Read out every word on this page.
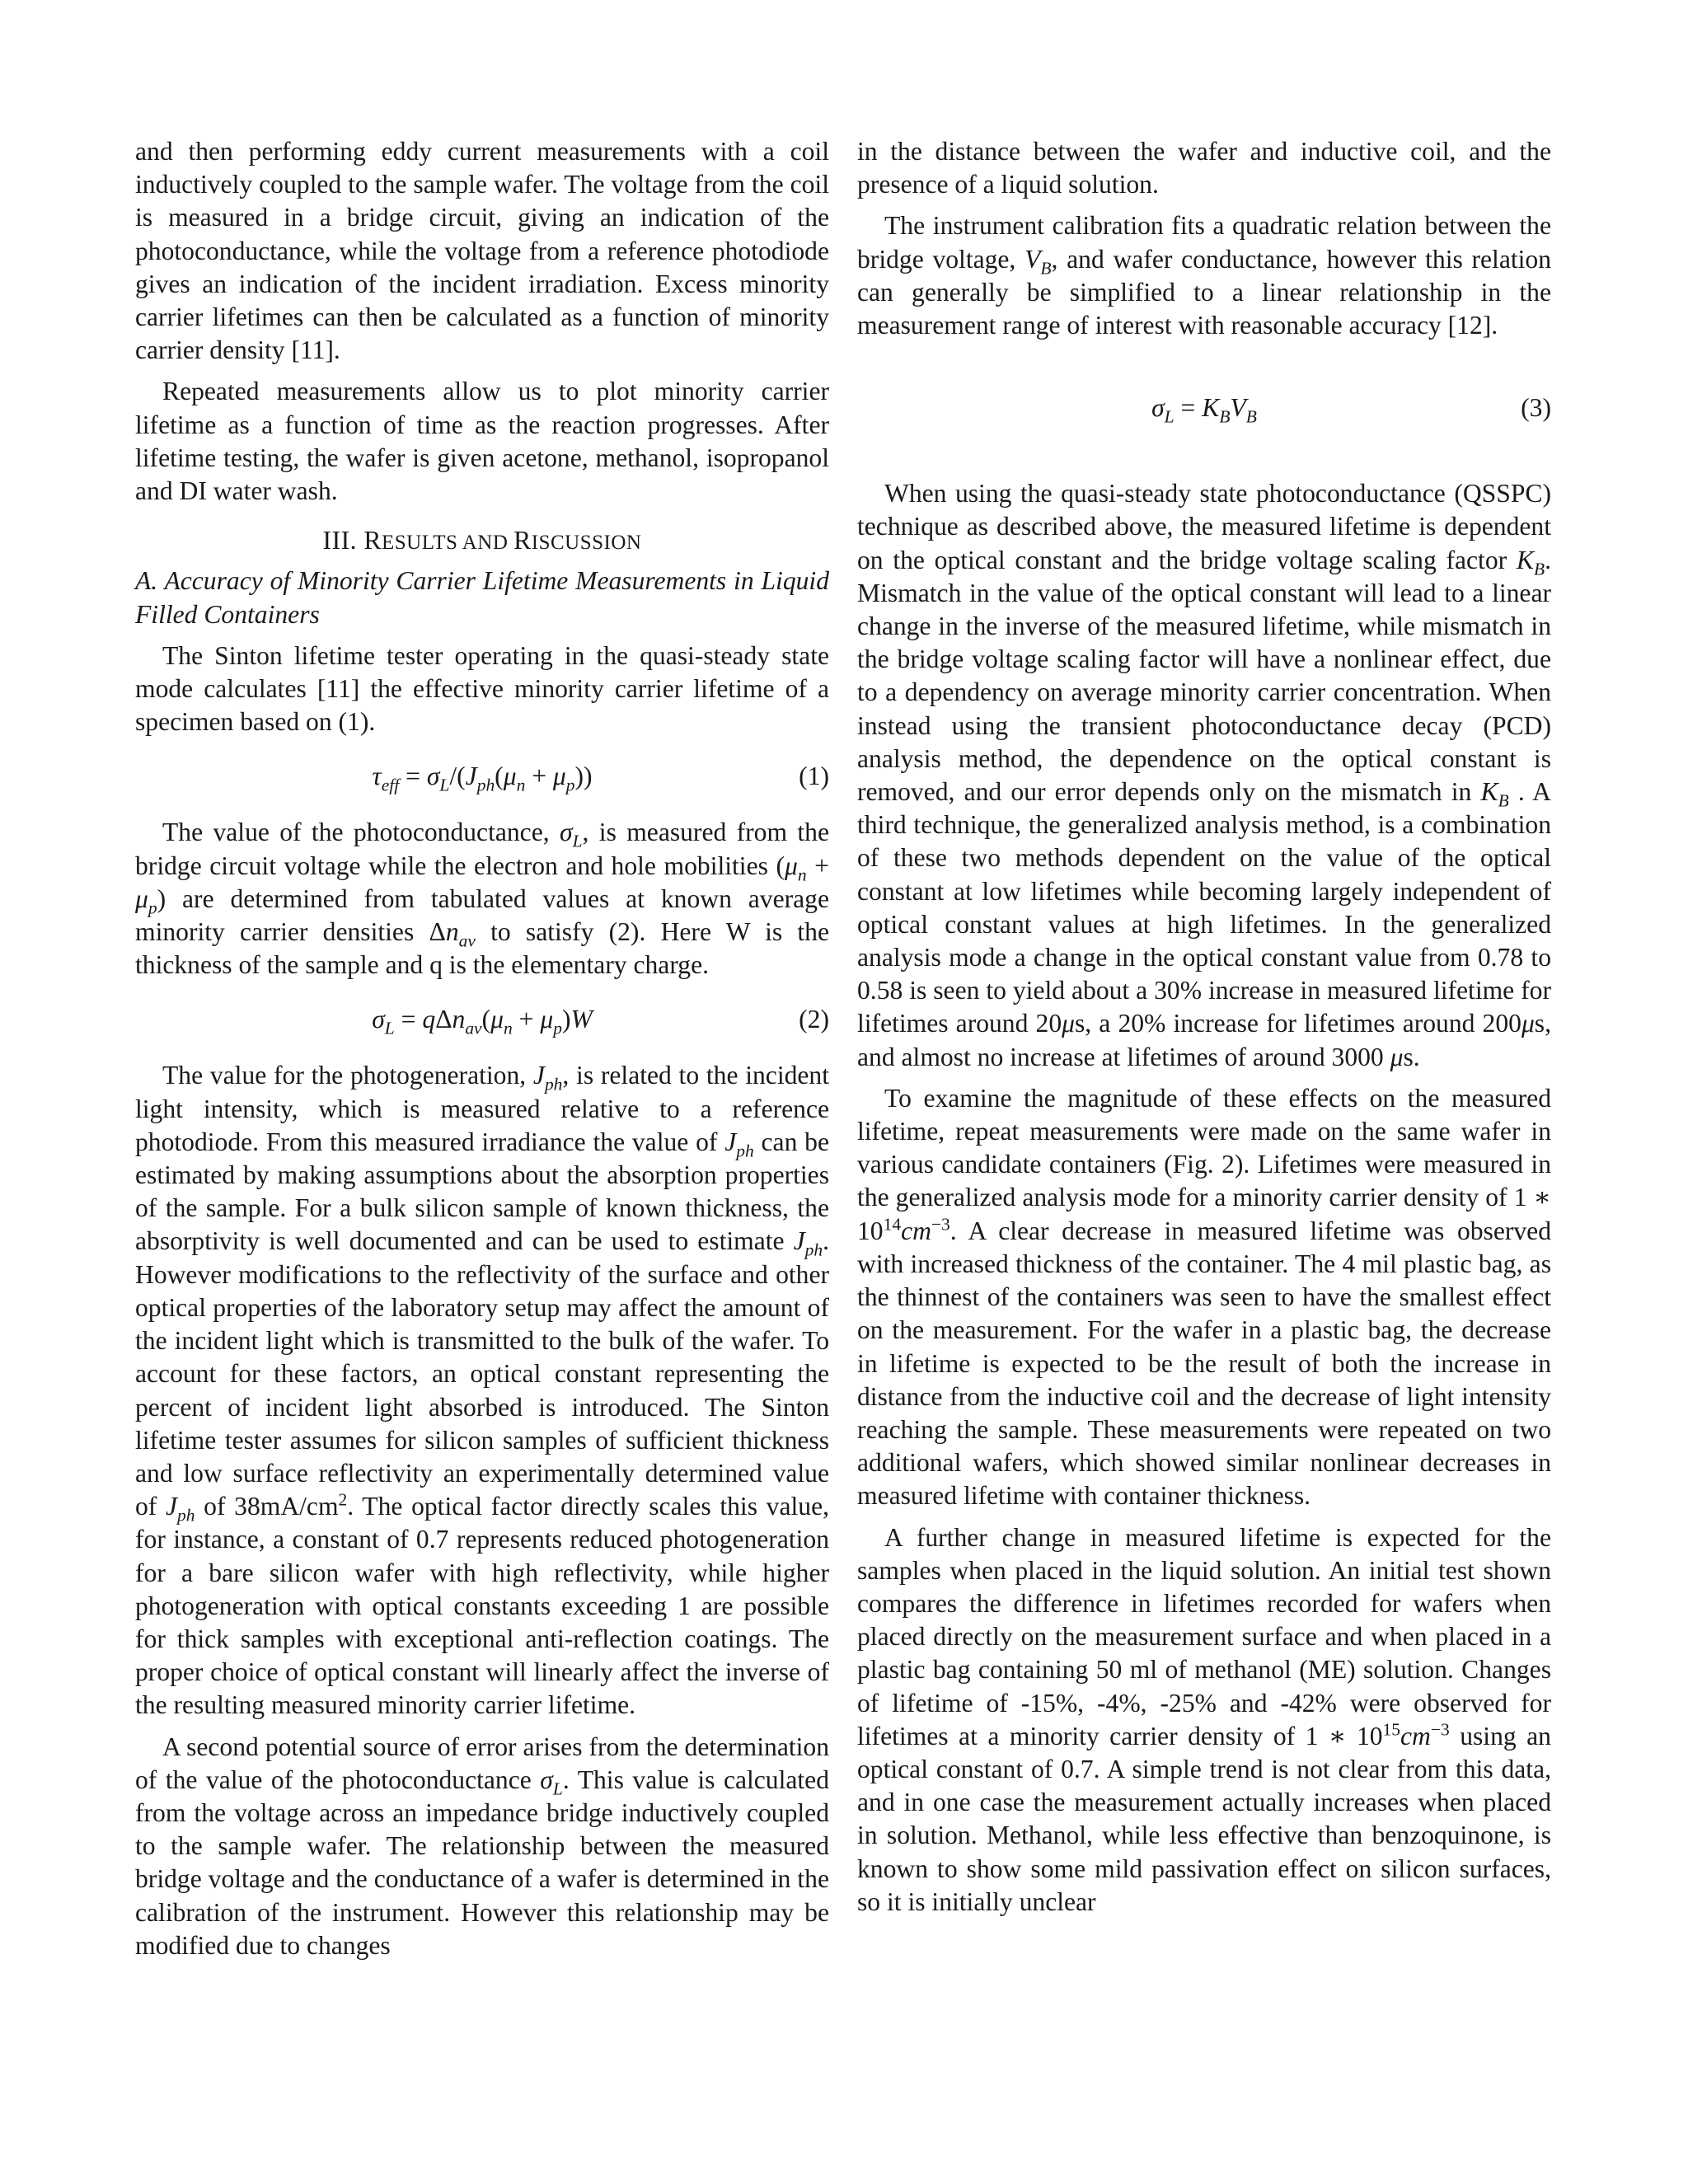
and then performing eddy current measurements with a coil inductively coupled to the sample wafer. The voltage from the coil is measured in a bridge circuit, giving an indication of the photoconductance, while the voltage from a reference photodiode gives an indication of the incident irradiation. Excess minority carrier lifetimes can then be calculated as a function of minority carrier density [11].

Repeated measurements allow us to plot minority carrier lifetime as a function of time as the reaction progresses. After lifetime testing, the wafer is given acetone, methanol, isopropanol and DI water wash.

III. RESULTS AND RISCUSSION
A. Accuracy of Minority Carrier Lifetime Measurements in Liquid Filled Containers

The Sinton lifetime tester operating in the quasi-steady state mode calculates [11] the effective minority carrier lifetime of a specimen based on (1).

$\tau_{eff} = \sigma_L/(J_{ph}(\mu_n + \mu_p))$	(1)

The value of the photoconductance, $\sigma_L$, is measured from the bridge circuit voltage while the electron and hole mobilities $(\mu_n + \mu_p)$ are determined from tabulated values at known average minority carrier densities $\Delta n_{av}$ to satisfy (2). Here W is the thickness of the sample and q is the elementary charge.

$\sigma_L = q\Delta n_{av}(\mu_n + \mu_p)W$	(2)

The value for the photogeneration, $J_{ph}$, is related to the incident light intensity, which is measured relative to a reference photodiode. From this measured irradiance the value of $J_{ph}$ can be estimated by making assumptions about the absorption properties of the sample. For a bulk silicon sample of known thickness, the absorptivity is well documented and can be used to estimate $J_{ph}$. However modifications to the reflectivity of the surface and other optical properties of the laboratory setup may affect the amount of the incident light which is transmitted to the bulk of the wafer. To account for these factors, an optical constant representing the percent of incident light absorbed is introduced. The Sinton lifetime tester assumes for silicon samples of sufficient thickness and low surface reflectivity an experimentally determined value of $J_{ph}$ of $38mA/cm^2$. The optical factor directly scales this value, for instance, a constant of 0.7 represents reduced photogeneration for a bare silicon wafer with high reflectivity, while higher photogeneration with optical constants exceeding 1 are possible for thick samples with exceptional anti-reflection coatings. The proper choice of optical constant will linearly affect the inverse of the resulting measured minority carrier lifetime.

A second potential source of error arises from the determination of the value of the photoconductance $\sigma_L$. This value is calculated from the voltage across an impedance bridge inductively coupled to the sample wafer. The relationship between the measured bridge voltage and the conductance of a wafer is determined in the calibration of the instrument. However this relationship may be modified due to changes

in the distance between the wafer and inductive coil, and the presence of a liquid solution.

The instrument calibration fits a quadratic relation between the bridge voltage, $V_B$, and wafer conductance, however this relation can generally be simplified to a linear relationship in the measurement range of interest with reasonable accuracy [12].

$\sigma_L = K_BV_B$	(3)

When using the quasi-steady state photoconductance (QSSPC) technique as described above, the measured lifetime is dependent on the optical constant and the bridge voltage scaling factor $K_B$. Mismatch in the value of the optical constant will lead to a linear change in the inverse of the measured lifetime, while mismatch in the bridge voltage scaling factor will have a nonlinear effect, due to a dependency on average minority carrier concentration. When instead using the transient photoconductance decay (PCD) analysis method, the dependence on the optical constant is removed, and our error depends only on the mismatch in $K_B$ . A third technique, the generalized analysis method, is a combination of these two methods dependent on the value of the optical constant at low lifetimes while becoming largely independent of optical constant values at high lifetimes. In the generalized analysis mode a change in the optical constant value from 0.78 to 0.58 is seen to yield about a 30% increase in measured lifetime for lifetimes around 20μs, a 20% increase for lifetimes around 200μs, and almost no increase at lifetimes of around 3000 μs.

To examine the magnitude of these effects on the measured lifetime, repeat measurements were made on the same wafer in various candidate containers (Fig. 2). Lifetimes were measured in the generalized analysis mode for a minority carrier density of 1 ∗ $10^{14}cm^{-3}$. A clear decrease in measured lifetime was observed with increased thickness of the container. The 4 mil plastic bag, as the thinnest of the containers was seen to have the smallest effect on the measurement. For the wafer in a plastic bag, the decrease in lifetime is expected to be the result of both the increase in distance from the inductive coil and the decrease of light intensity reaching the sample. These measurements were repeated on two additional wafers, which showed similar nonlinear decreases in measured lifetime with container thickness.

A further change in measured lifetime is expected for the samples when placed in the liquid solution. An initial test shown compares the difference in lifetimes recorded for wafers when placed directly on the measurement surface and when placed in a plastic bag containing 50 ml of methanol (ME) solution. Changes of lifetime of -15%, -4%, -25% and -42% were observed for lifetimes at a minority carrier density of 1 ∗ $10^{15}cm^{-3}$ using an optical constant of 0.7. A simple trend is not clear from this data, and in one case the measurement actually increases when placed in solution. Methanol, while less effective than benzoquinone, is known to show some mild passivation effect on silicon surfaces, so it is initially unclear
